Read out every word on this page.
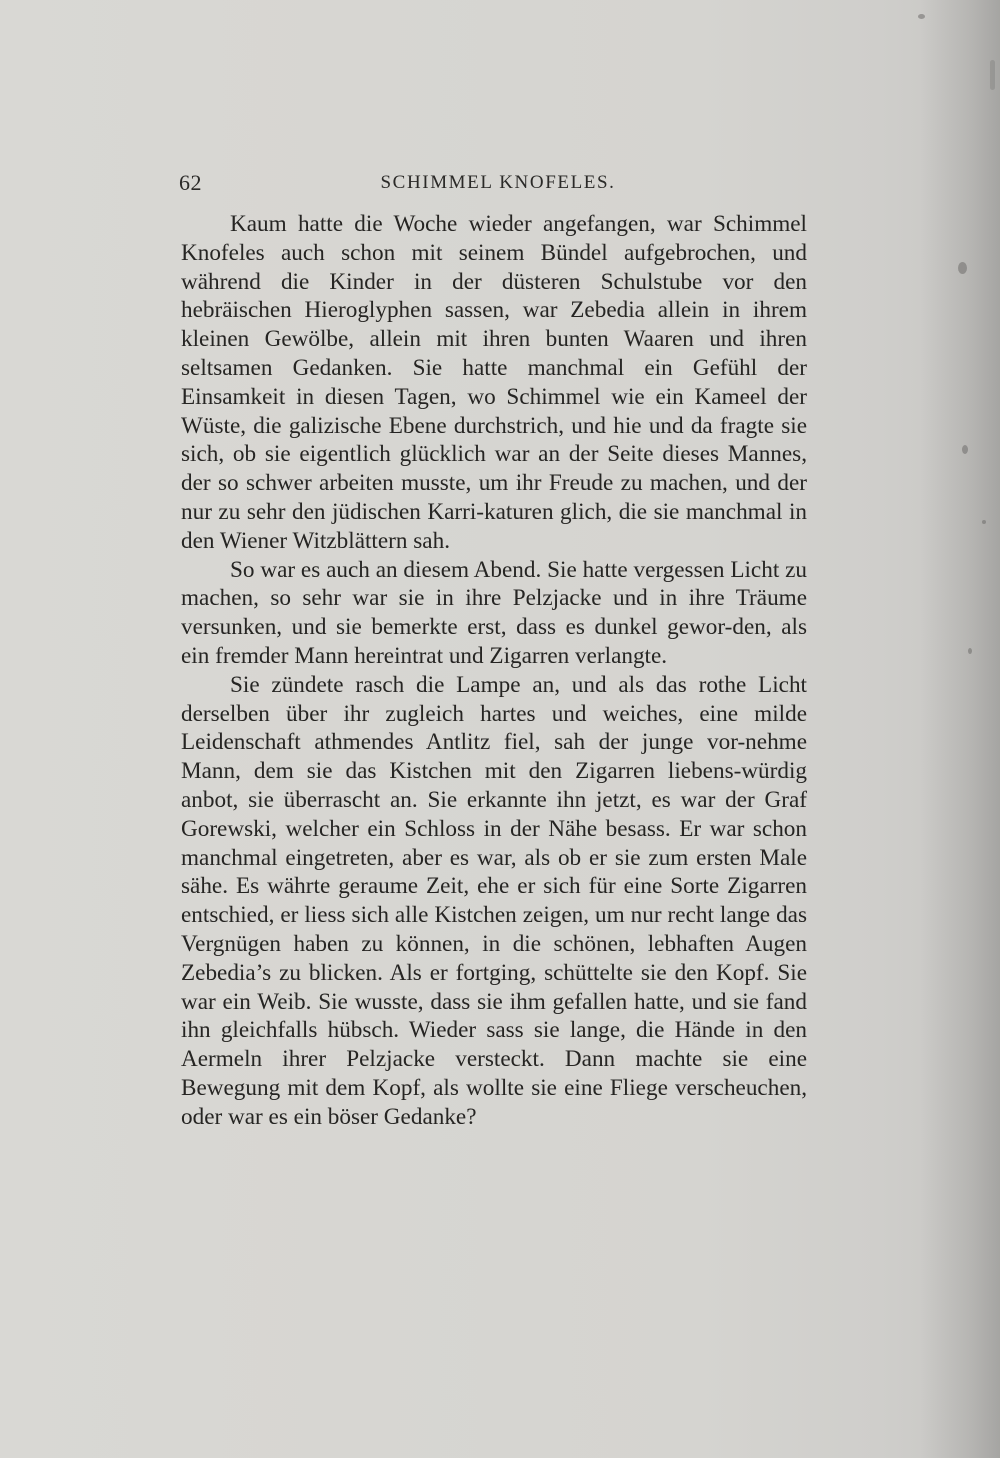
62	SCHIMMEL KNOFELES.

Kaum hatte die Woche wieder angefangen, war Schimmel Knofeles auch schon mit seinem Bündel aufgebrochen, und während die Kinder in der düsteren Schulstube vor den hebräischen Hieroglyphen sassen, war Zebedia allein in ihrem kleinen Gewölbe, allein mit ihren bunten Waaren und ihren seltsamen Gedanken. Sie hatte manchmal ein Gefühl der Einsamkeit in diesen Tagen, wo Schimmel wie ein Kameel der Wüste, die galizische Ebene durchstrich, und hie und da fragte sie sich, ob sie eigentlich glücklich war an der Seite dieses Mannes, der so schwer arbeiten musste, um ihr Freude zu machen, und der nur zu sehr den jüdischen Karri-katuren glich, die sie manchmal in den Wiener Witzblättern sah.

So war es auch an diesem Abend. Sie hatte vergessen Licht zu machen, so sehr war sie in ihre Pelzjacke und in ihre Träume versunken, und sie bemerkte erst, dass es dunkel gewor-den, als ein fremder Mann hereintrat und Zigarren verlangte.

Sie zündete rasch die Lampe an, und als das rothe Licht derselben über ihr zugleich hartes und weiches, eine milde Leidenschaft athmendes Antlitz fiel, sah der junge vor-nehme Mann, dem sie das Kistchen mit den Zigarren liebens-würdig anbot, sie überrascht an. Sie erkannte ihn jetzt, es war der Graf Gorewski, welcher ein Schloss in der Nähe besass. Er war schon manchmal eingetreten, aber es war, als ob er sie zum ersten Male sähe. Es währte geraume Zeit, ehe er sich für eine Sorte Zigarren entschied, er liess sich alle Kistchen zeigen, um nur recht lange das Vergnügen haben zu können, in die schönen, lebhaften Augen Zebedia’s zu blicken. Als er fortging, schüttelte sie den Kopf. Sie war ein Weib. Sie wusste, dass sie ihm gefallen hatte, und sie fand ihn gleichfalls hübsch. Wieder sass sie lange, die Hände in den Aermeln ihrer Pelzjacke versteckt. Dann machte sie eine Bewegung mit dem Kopf, als wollte sie eine Fliege verscheuchen, oder war es ein böser Gedanke?
